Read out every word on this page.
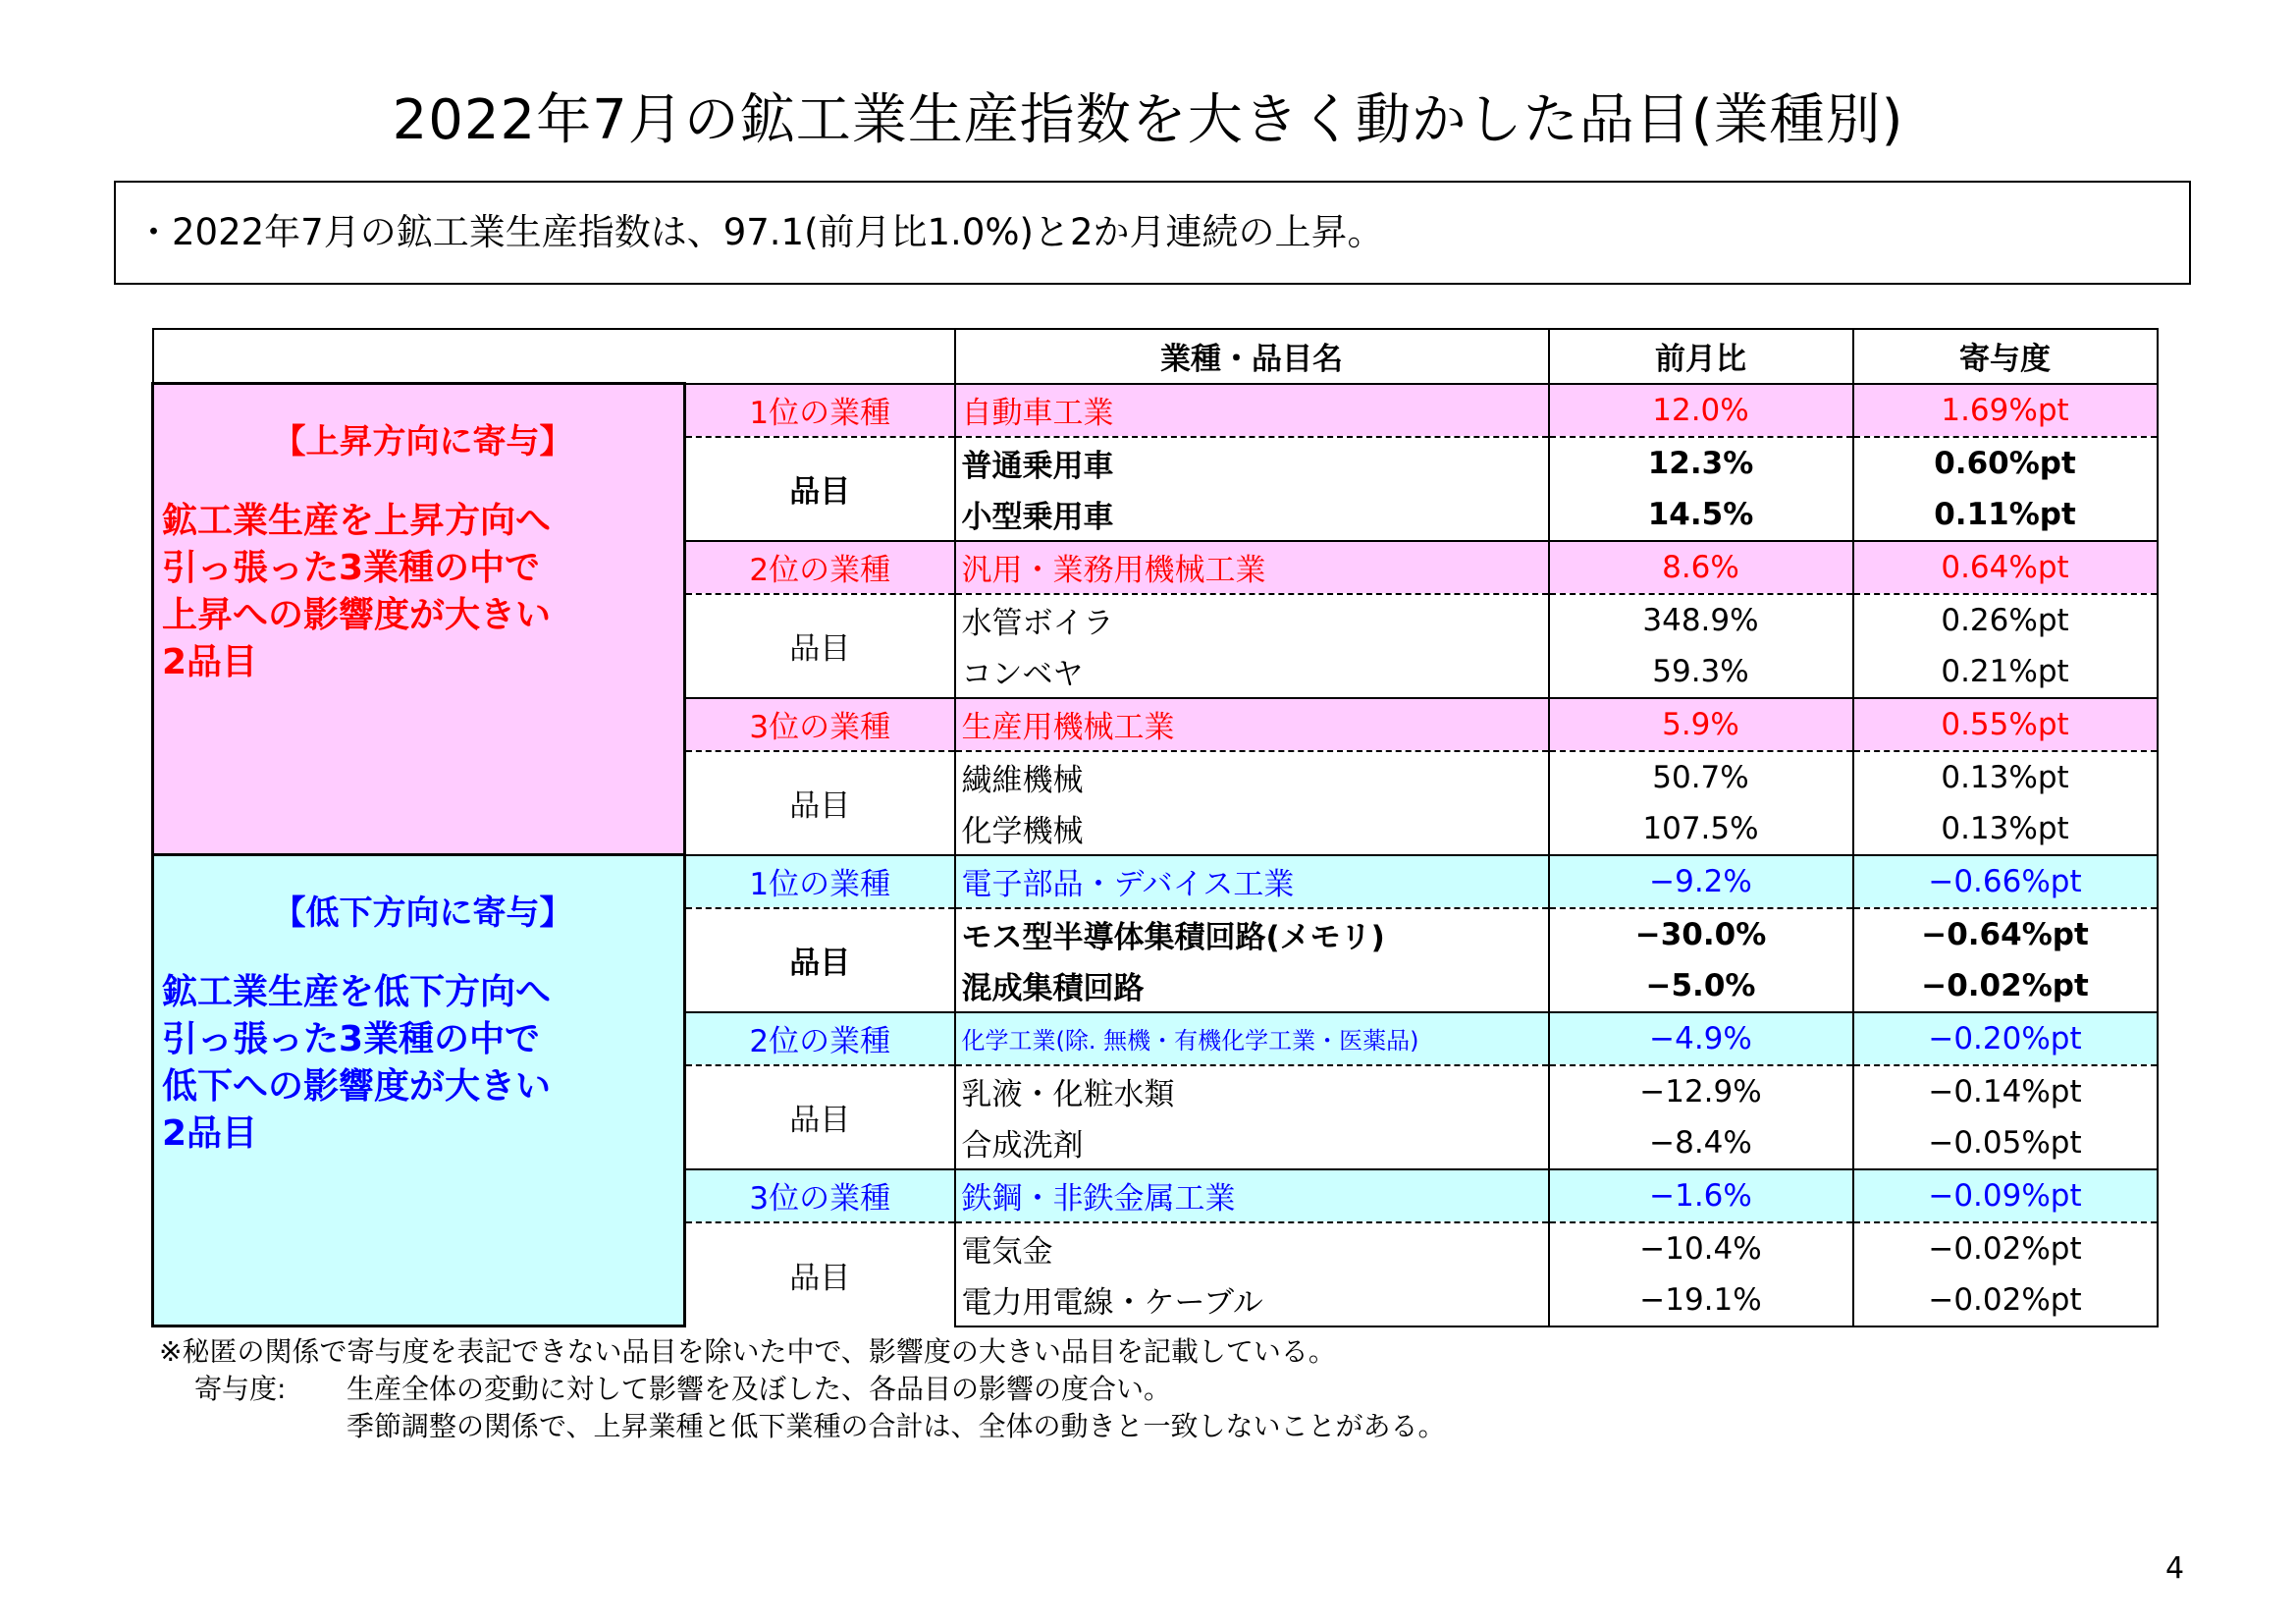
2022年7月の鉱工業生産指数を大きく動かした品目(業種別)
・2022年7月の鉱工業生産指数は、97.1(前月比1.0%)と2か月連続の上昇。
		業種・品目名	前月比	寄与度

【上昇方向に寄与】
鉱工業生産を上昇方向へ
引っ張った3業種の中で
上昇への影響度が大きい
2品目	1位の業種	自動車工業	12.0%	1.69%pt
	品目	普通乗用車	12.3%	0.60%pt
		小型乗用車	14.5%	0.11%pt
	2位の業種	汎用・業務用機械工業	8.6%	0.64%pt
	品目	水管ボイラ	348.9%	0.26%pt
		コンベヤ	59.3%	0.21%pt
	3位の業種	生産用機械工業	5.9%	0.55%pt
	品目	繊維機械	50.7%	0.13%pt
		化学機械	107.5%	0.13%pt

【低下方向に寄与】
鉱工業生産を低下方向へ
引っ張った3業種の中で
低下への影響度が大きい
2品目	1位の業種	電子部品・デバイス工業	−9.2%	−0.66%pt
	品目	モス型半導体集積回路(メモリ)	−30.0%	−0.64%pt
		混成集積回路	−5.0%	−0.02%pt
	2位の業種	化学工業(除. 無機・有機化学工業・医薬品)	−4.9%	−0.20%pt
	品目	乳液・化粧水類	−12.9%	−0.14%pt
		合成洗剤	−8.4%	−0.05%pt
	3位の業種	鉄鋼・非鉄金属工業	−1.6%	−0.09%pt
	品目	電気金	−10.4%	−0.02%pt
		電力用電線・ケーブル	−19.1%	−0.02%pt
※秘匿の関係で寄与度を表記できない品目を除いた中で、影響度の大きい品目を記載している。
寄与度: 生産全体の変動に対して影響を及ぼした、各品目の影響の度合い。
季節調整の関係で、上昇業種と低下業種の合計は、全体の動きと一致しないことがある。
4
